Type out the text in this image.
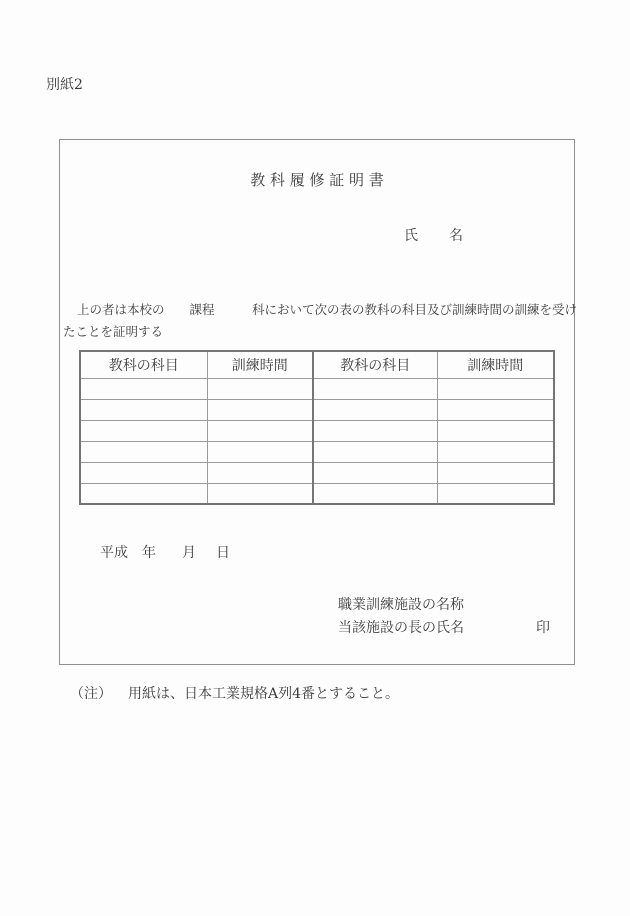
別紙2
教 科 履 修 証 明 書
氏　　名
上の者は本校の　　課程　　　科において次の表の教科の科目及び訓練時間の訓練を受け
たことを証明する
教科の科目	訓練時間	教科の科目	訓練時間

平成 年 月 日
職業訓練施設の名称
当該施設の長の氏名	印
（注） 用紙は、日本工業規格A列4番とすること。
